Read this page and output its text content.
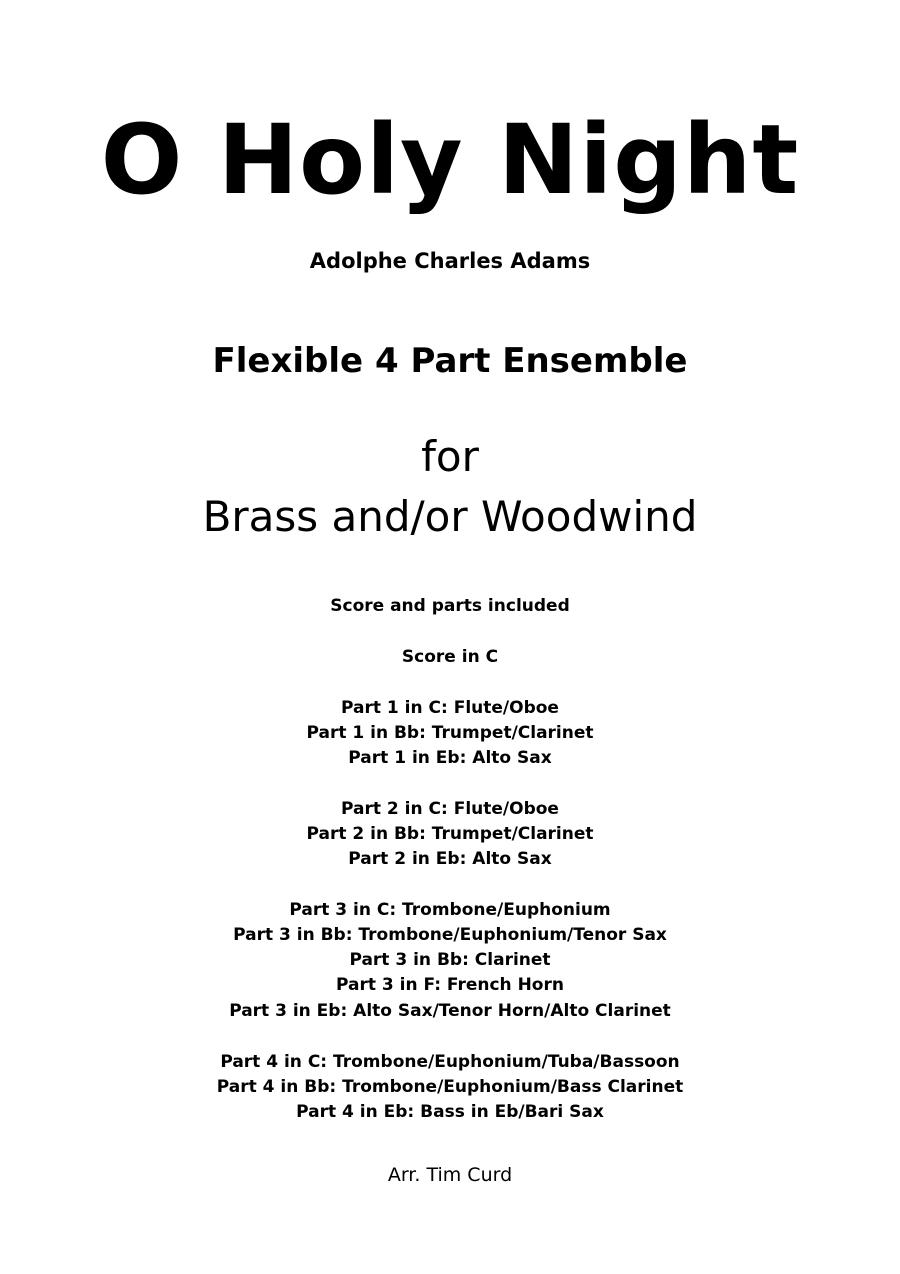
O Holy Night
Adolphe Charles Adams
Flexible 4 Part Ensemble
for
Brass and/or Woodwind
Score and parts included
Score in C
Part 1 in C: Flute/Oboe
Part 1 in Bb: Trumpet/Clarinet
Part 1 in Eb: Alto Sax
Part 2 in C: Flute/Oboe
Part 2 in Bb: Trumpet/Clarinet
Part 2 in Eb: Alto Sax
Part 3 in C: Trombone/Euphonium
Part 3 in Bb: Trombone/Euphonium/Tenor Sax
Part 3 in Bb: Clarinet
Part 3 in F: French Horn
Part 3 in Eb: Alto Sax/Tenor Horn/Alto Clarinet
Part 4 in C: Trombone/Euphonium/Tuba/Bassoon
Part 4 in Bb: Trombone/Euphonium/Bass Clarinet
Part 4 in Eb: Bass in Eb/Bari Sax
Arr. Tim Curd
